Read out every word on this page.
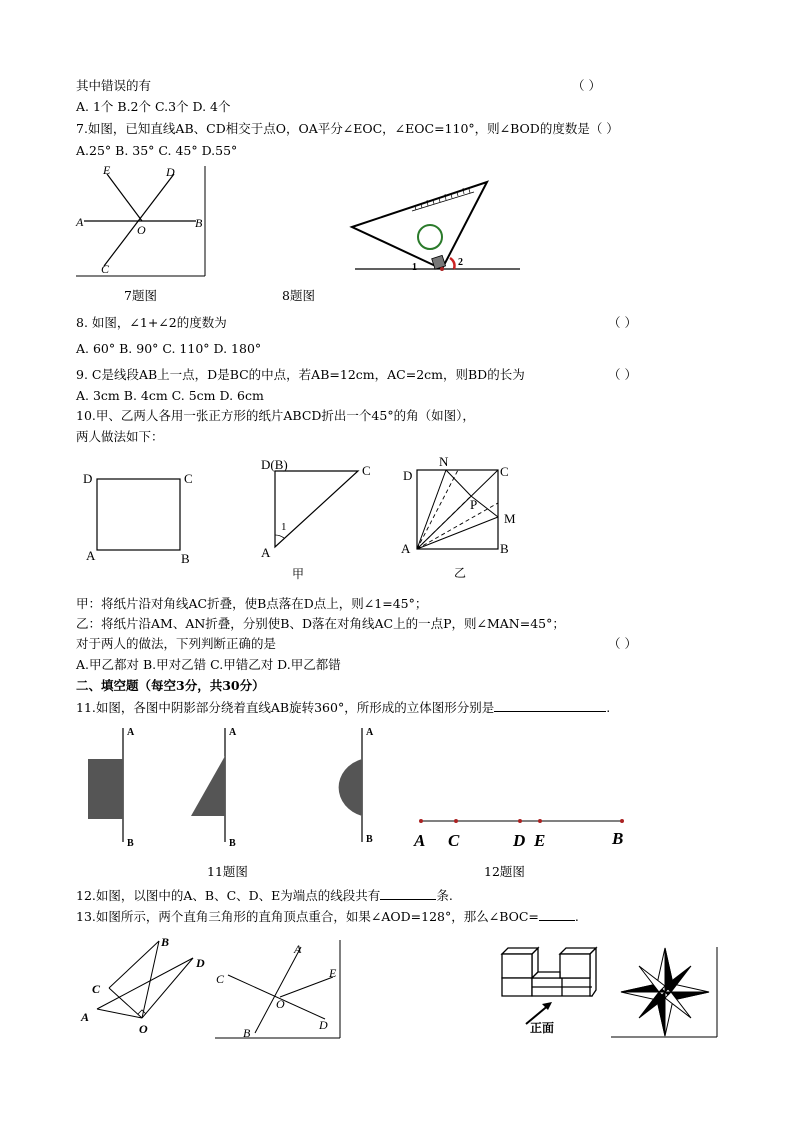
其中错误的有	（ ）
A. 1个 B.2个 C.3个 D. 4个
7.如图，已知直线AB、CD相交于点O，OA平分∠EOC，∠EOC=110°，则∠BOD的度数是（ ）
A.25° B. 35° C. 45° D.55°
E	D
A
O	B
C	1	2
7题图	8题图
8. 如图，∠1+∠2的度数为	（ ）
A. 60° B. 90° C. 110° D. 180°
9. C是线段AB上一点，D是BC的中点，若AB=12cm，AC=2cm，则BD的长为	（ ）
A. 3cm B. 4cm C. 5cm D. 6cm
10.甲、乙两人各用一张正方形的纸片ABCD折出一个45°的角（如图），
两人做法如下：
D	C
A	B
D(B)	C
A
1
甲
D
N
C
P
M
A	B
乙
甲：将纸片沿对角线AC折叠，使B点落在D点上，则∠1=45°；
乙：将纸片沿AM、AN折叠，分别使B、D落在对角线AC上的一点P，则∠MAN=45°；
对于两人的做法，下列判断正确的是	（ ）
A.甲乙都对 B.甲对乙错 C.甲错乙对 D.甲乙都错
二、填空题（每空3分，共30分）
11.如图，各图中阴影部分绕着直线AB旋转360°，所形成的立体图形分别是	.
A
B
A
B
A
B A C	D E	B
11题图	12题图
12.如图，以图中的A、B、C、D、E为端点的线段共有	条.
13.如图所示，两个直角三角形的直角顶点重合，如果∠AOD=128°，那么∠BOC=	.
B
C
D
A
O
A
C	E
O
B
D	正面
